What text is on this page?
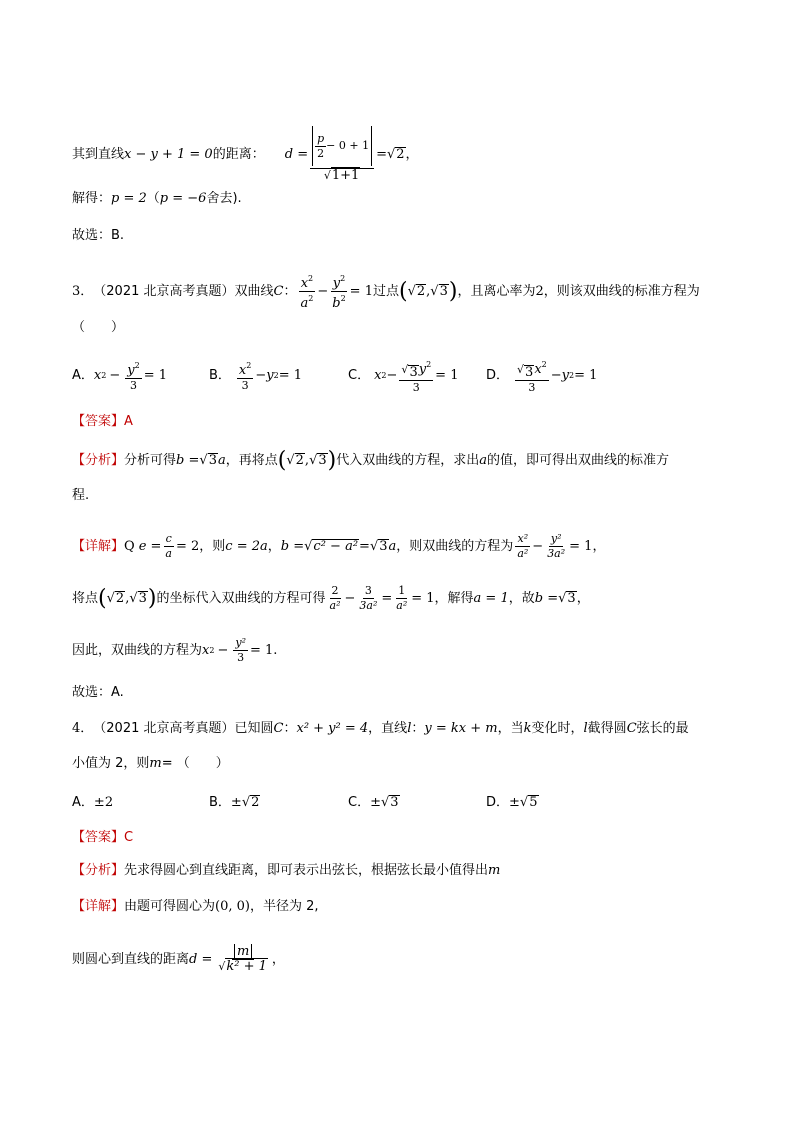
其到直线 x − y + 1 = 0 的距离： $d = \frac{\frac{p}{2} - 0 + 1}{√1+1}$ = √ 2 ，
解得： p = 2 （ p = −6 舍去).
故选：B.
3． （2021 北京高考真题） 双曲线 C ： $\frac{x^2}{a^2} - \frac{y^2}{b^2} = 1$ 过点 ( √ 2 , √ 3 ) ，且离心率为 2 ，则该双曲线的标准方程为
（　　）
A． x $2 - \frac{y^2}{3} = 1$	B． $\frac{x^2}{3} - y$ 2 = 1	C． x $2 - \frac{√ 3 y^2}{3} = 1$ D． $\frac{√ 3 x^2}{3} - y$ 2 = 1
【答案】 A
【分析】 分析可得 b = √ 3 a ，再将点 ( √ 2 , √ 3 ) 代入双曲线的方程，求出 a 的值，即可得出双曲线的标准方
程.
【详解】 Q $e = \frac{c}{a} = 2$ ，则 c = 2a ， b = √ c² − a² = √ 3 a ，则双曲线的方程为 $\frac{\text{x²}}{\text{a²}} - \frac{\text{y²}}{\text{3a²}} = 1$ ，
将点 ( √ 2 , √ 3 ) 的坐标代入双曲线的方程可得 $\frac{2}{\text{a²}} - \frac{3}{\text{3a²}} = \frac{1}{\text{a²}} = 1$ ，解得 a = 1 ，故 b = √ 3 ，
因此，双曲线的方程为 x $2 - \frac{\text{y²}}{3} = 1$.
故选：A.
4． （2021 北京高考真题） 已知圆 C ： x² + y² = 4 ，直线 l ： y = kx + m ，当 k 变化时， l 截得圆 C 弦长的最
小值为 2，则 m = （　　）
A． ± 2	B． ± √ 2	C． ± √ 3	D． ± √ 5
【答案】 C
【分析】 先求得圆心到直线距离，即可表示出弦长，根据弦长最小值得出 m
【详解】 由题可得圆心为 (0, 0) ，半径为 2,
则圆心到直线的距离 $d = \frac{m}{\text{√k² + 1}}$ ，
